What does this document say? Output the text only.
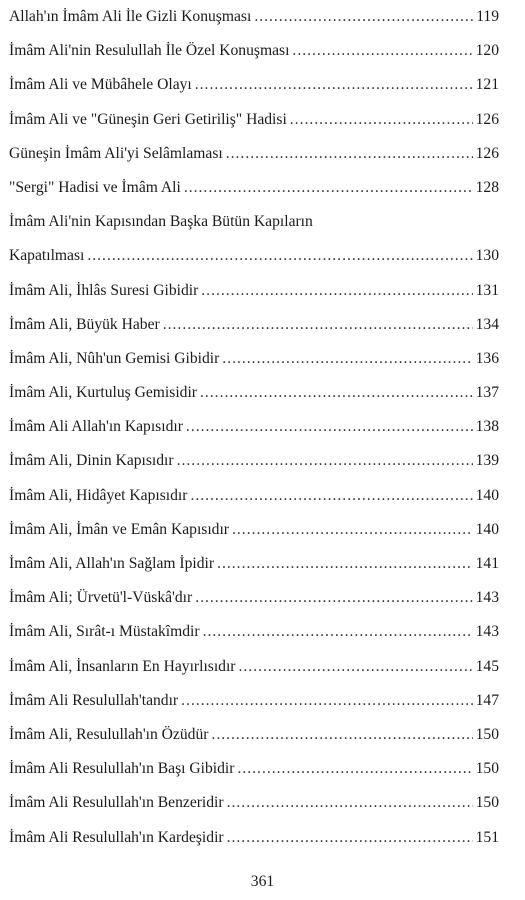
Allah'ın İmâm Ali İle Gizli Konuşması .....	119
İmâm Ali'nin Resulullah İle Özel Konuşması .....	120
İmâm Ali ve Mübâhele Olayı .....	121
İmâm Ali ve "Güneşin Geri Getiriliş" Hadisi .....	126
Güneşin İmâm Ali'yi Selâmlaması .....	126
"Sergi" Hadisi ve İmâm Ali .....	128
İmâm Ali'nin Kapısından Başka Bütün Kapıların
Kapatılması .....	130
İmâm Ali, İhlâs Suresi Gibidir .....	131
İmâm Ali, Büyük Haber .....	134
İmâm Ali, Nûh'un Gemisi Gibidir .....	136
İmâm Ali, Kurtuluş Gemisidir .....	137
İmâm Ali Allah'ın Kapısıdır .....	138
İmâm Ali, Dinin Kapısıdır .....	139
İmâm Ali, Hidâyet Kapısıdır .....	140
İmâm Ali, İmân ve Emân Kapısıdır .....	140
İmâm Ali, Allah'ın Sağlam İpidir .....	141
İmâm Ali; Ürvetü'l-Vüskâ'dır .....	143
İmâm Ali, Sırât-ı Müstakîmdir .....	143
İmâm Ali, İnsanların En Hayırlısıdır .....	145
İmâm Ali Resulullah'tandır .....	147
İmâm Ali, Resulullah'ın Özüdür .....	150
İmâm Ali Resulullah'ın Başı Gibidir .....	150
İmâm Ali Resulullah'ın Benzeridir .....	150
İmâm Ali Resulullah'ın Kardeşidir .....	151
361
